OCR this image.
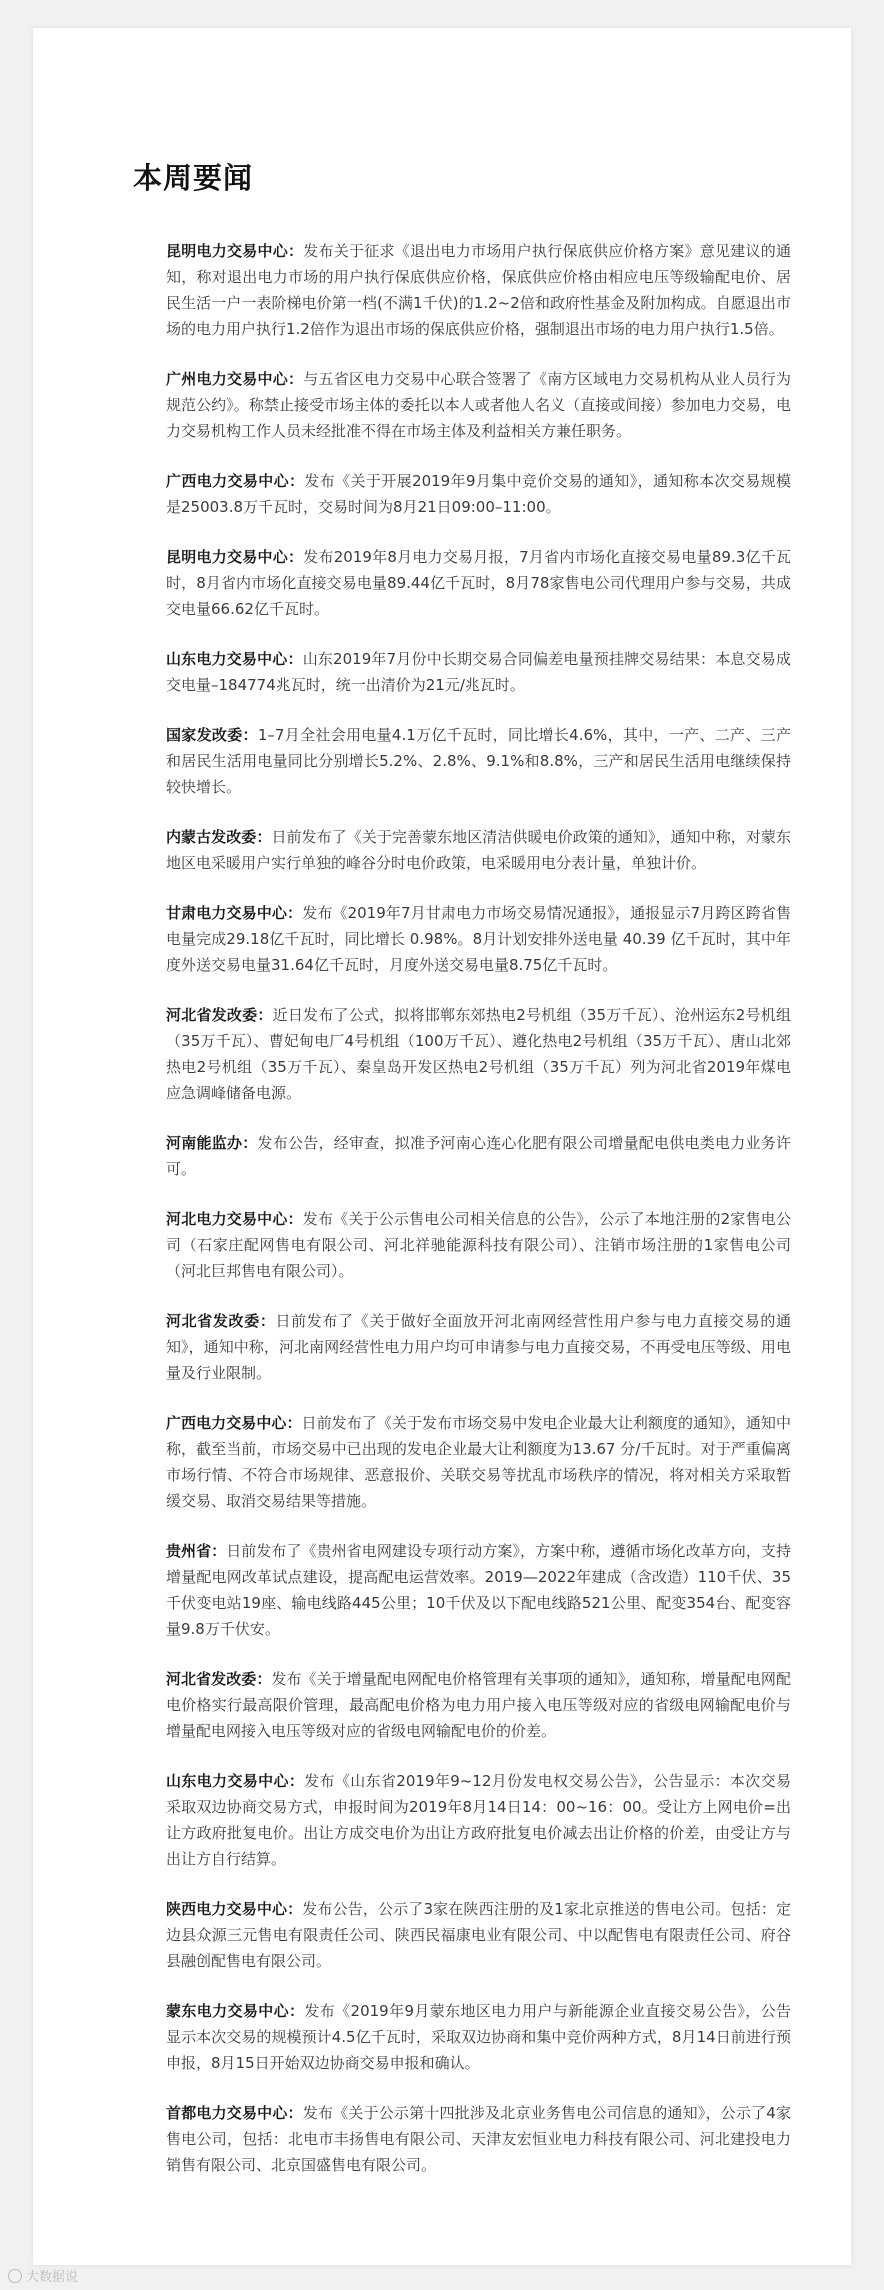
本周要闻

昆明电力交易中心：发布关于征求《退出电力市场用户执行保底供应价格方案》意见建议的通知，称对退出电力市场的用户执行保底供应价格，保底供应价格由相应电压等级输配电价、居民生活一户一表阶梯电价第一档(不满1千伏)的1.2~2倍和政府性基金及附加构成。自愿退出市场的电力用户执行1.2倍作为退出市场的保底供应价格，强制退出市场的电力用户执行1.5倍。

广州电力交易中心：与五省区电力交易中心联合签署了《南方区域电力交易机构从业人员行为规范公约》。称禁止接受市场主体的委托以本人或者他人名义（直接或间接）参加电力交易，电力交易机构工作人员未经批准不得在市场主体及利益相关方兼任职务。

广西电力交易中心：发布《关于开展2019年9月集中竞价交易的通知》，通知称本次交易规模是25003.8万千瓦时，交易时间为8月21日09:00–11:00。

昆明电力交易中心：发布2019年8月电力交易月报，7月省内市场化直接交易电量89.3亿千瓦时，8月省内市场化直接交易电量89.44亿千瓦时，8月78家售电公司代理用户参与交易，共成交电量66.62亿千瓦时。

山东电力交易中心：山东2019年7月份中长期交易合同偏差电量预挂牌交易结果：本息交易成交电量–184774兆瓦时，统一出清价为21元/兆瓦时。

国家发改委：1–7月全社会用电量4.1万亿千瓦时，同比增长4.6%，其中，一产、二产、三产和居民生活用电量同比分别增长5.2%、2.8%、9.1%和8.8%，三产和居民生活用电继续保持较快增长。

内蒙古发改委：日前发布了《关于完善蒙东地区清洁供暖电价政策的通知》，通知中称，对蒙东地区电采暖用户实行单独的峰谷分时电价政策，电采暖用电分表计量，单独计价。

甘肃电力交易中心：发布《2019年7月甘肃电力市场交易情况通报》，通报显示7月跨区跨省售电量完成29.18亿千瓦时，同比增长 0.98%。8月计划安排外送电量 40.39 亿千瓦时，其中年度外送交易电量31.64亿千瓦时，月度外送交易电量8.75亿千瓦时。

河北省发改委：近日发布了公式，拟将邯郸东郊热电2号机组（35万千瓦）、沧州运东2号机组（35万千瓦）、曹妃甸电厂4号机组（100万千瓦）、遵化热电2号机组（35万千瓦）、唐山北郊热电2号机组（35万千瓦）、秦皇岛开发区热电2号机组（35万千瓦）列为河北省2019年煤电应急调峰储备电源。

河南能监办：发布公告，经审查，拟准予河南心连心化肥有限公司增量配电供电类电力业务许可。

河北电力交易中心：发布《关于公示售电公司相关信息的公告》，公示了本地注册的2家售电公司（石家庄配网售电有限公司、河北祥驰能源科技有限公司）、注销市场注册的1家售电公司（河北巨邦售电有限公司）。

河北省发改委：日前发布了《关于做好全面放开河北南网经营性用户参与电力直接交易的通知》，通知中称，河北南网经营性电力用户均可申请参与电力直接交易，不再受电压等级、用电量及行业限制。

广西电力交易中心：日前发布了《关于发布市场交易中发电企业最大让利额度的通知》，通知中称，截至当前，市场交易中已出现的发电企业最大让利额度为13.67 分/千瓦时。对于严重偏离市场行情、不符合市场规律、恶意报价、关联交易等扰乱市场秩序的情况，将对相关方采取暂缓交易、取消交易结果等措施。

贵州省：日前发布了《贵州省电网建设专项行动方案》，方案中称，遵循市场化改革方向，支持增量配电网改革试点建设，提高配电运营效率。2019—2022年建成（含改造）110千伏、35千伏变电站19座、输电线路445公里；10千伏及以下配电线路521公里、配变354台、配变容量9.8万千伏安。

河北省发改委：发布《关于增量配电网配电价格管理有关事项的通知》，通知称，增量配电网配电价格实行最高限价管理，最高配电价格为电力用户接入电压等级对应的省级电网输配电价与增量配电网接入电压等级对应的省级电网输配电价的价差。

山东电力交易中心：发布《山东省2019年9~12月份发电权交易公告》，公告显示：本次交易采取双边协商交易方式，申报时间为2019年8月14日14：00~16：00。受让方上网电价=出让方政府批复电价。出让方成交电价为出让方政府批复电价减去出让价格的价差，由受让方与出让方自行结算。

陕西电力交易中心：发布公告，公示了3家在陕西注册的及1家北京推送的售电公司。包括：定边县众源三元售电有限责任公司、陕西民福康电业有限公司、中以配售电有限责任公司、府谷县融创配售电有限公司。

蒙东电力交易中心：发布《2019年9月蒙东地区电力用户与新能源企业直接交易公告》，公告显示本次交易的规模预计4.5亿千瓦时，采取双边协商和集中竞价两种方式，8月14日前进行预申报，8月15日开始双边协商交易申报和确认。

首都电力交易中心：发布《关于公示第十四批涉及北京业务售电公司信息的通知》，公示了4家售电公司，包括：北电市丰扬售电有限公司、天津友宏恒业电力科技有限公司、河北建投电力销售有限公司、北京国盛售电有限公司。

大数据说
